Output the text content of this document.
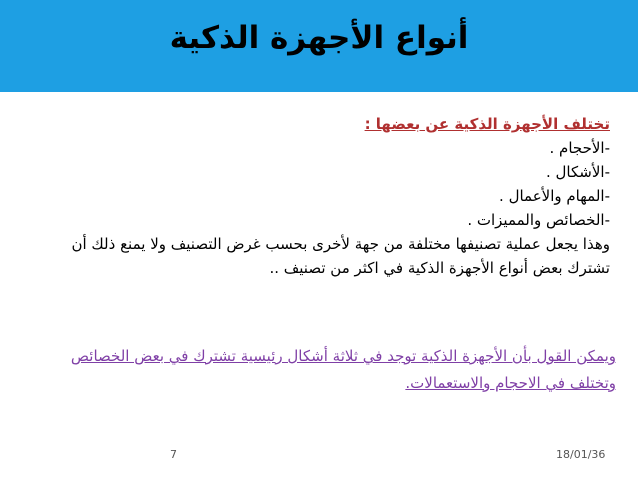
أنواع الأجهزة الذكية
تختلف الأجهزة الذكية عن بعضها :
-الأحجام .
-الأشكال .
-المهام والأعمال .
-الخصائص والمميزات .
وهذا يجعل عملية تصنيفها مختلفة من جهة لأخرى بحسب غرض التصنيف ولا يمنع ذلك أن
تشترك بعض أنواع الأجهزة الذكية في اكثر من تصنيف ..
ويمكن القول بأن الأجهزة الذكية توجد في ثلاثة أشكال رئيسية تشترك في بعض الخصائص
وتختلف في الاحجام والاستعمالات.
7	18/01/36
